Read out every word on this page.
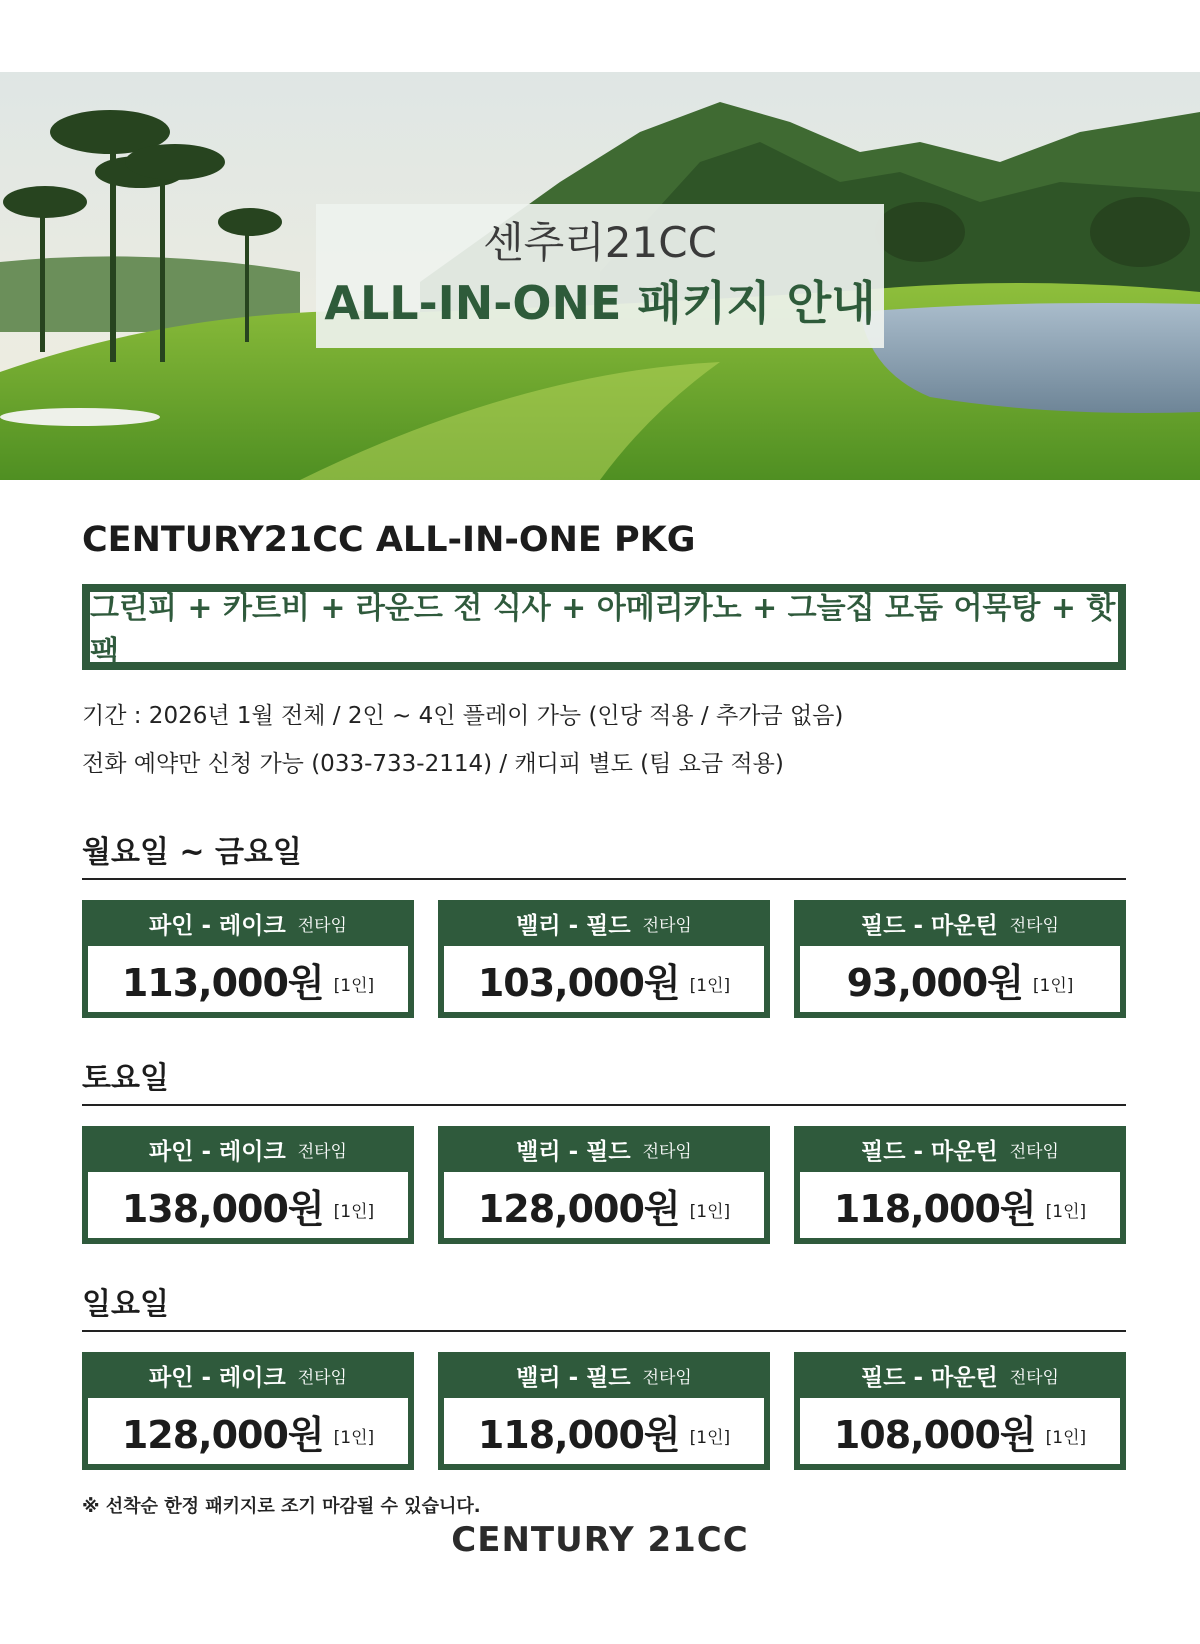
센추리21CC
ALL-IN-ONE 패키지 안내
CENTURY21CC ALL-IN-ONE PKG
그린피 + 카트비 + 라운드 전 식사 + 아메리카노 + 그늘집 모둠 어묵탕 + 핫팩
기간 : 2026년 1월 전체 / 2인 ~ 4인 플레이 가능 (인당 적용 / 추가금 없음)
전화 예약만 신청 가능 (033-733-2114) / 캐디피 별도 (팀 요금 적용)
월요일 ~ 금요일
파인 - 레이크 전타임
113,000원 [1인]
밸리 - 필드 전타임
103,000원 [1인]
필드 - 마운틴 전타임
93,000원 [1인]
토요일
파인 - 레이크 전타임
138,000원 [1인]
밸리 - 필드 전타임
128,000원 [1인]
필드 - 마운틴 전타임
118,000원 [1인]
일요일
파인 - 레이크 전타임
128,000원 [1인]
밸리 - 필드 전타임
118,000원 [1인]
필드 - 마운틴 전타임
108,000원 [1인]
※ 선착순 한정 패키지로 조기 마감될 수 있습니다.
CENTURY 21CC
